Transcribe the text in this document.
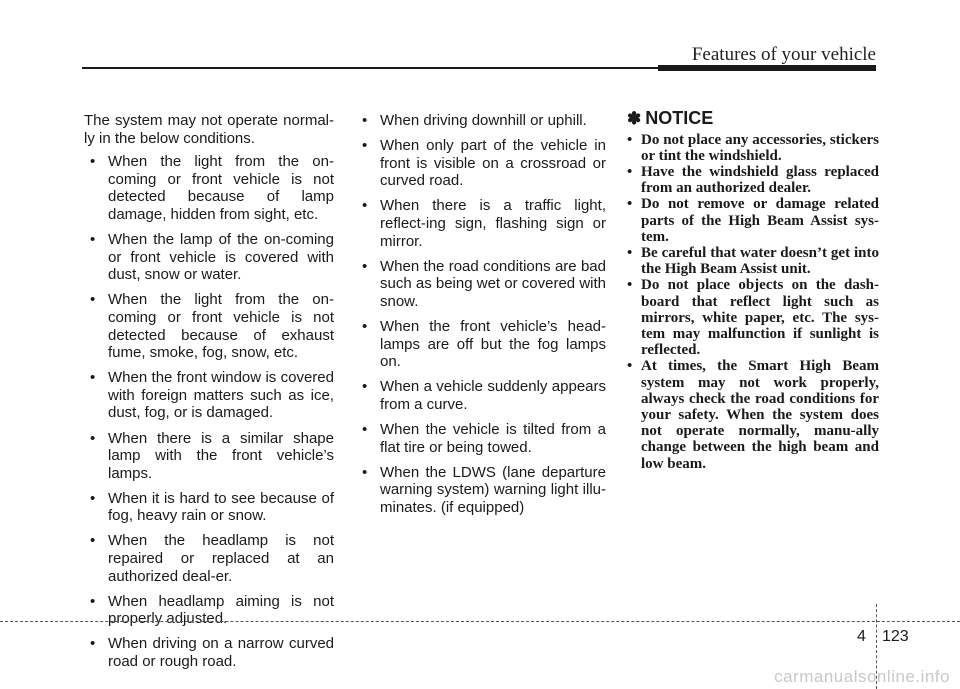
Features of your vehicle

The system may not operate normal-ly in the below conditions.

• When the light from the on-coming or front vehicle is not detected because of lamp damage, hidden from sight, etc.
• When the lamp of the on-coming or front vehicle is covered with dust, snow or water.
• When the light from the on-coming or front vehicle is not detected because of exhaust fume, smoke, fog, snow, etc.
• When the front window is covered with foreign matters such as ice, dust, fog, or is damaged.
• When there is a similar shape lamp with the front vehicle’s lamps.
• When it is hard to see because of fog, heavy rain or snow.
• When the headlamp is not repaired or replaced at an authorized deal-er.
• When headlamp aiming is not properly adjusted.
• When driving on a narrow curved road or rough road.
• When driving downhill or uphill.
• When only part of the vehicle in front is visible on a crossroad or curved road.
• When there is a traffic light, reflect-ing sign, flashing sign or mirror.
• When the road conditions are bad such as being wet or covered with snow.
• When the front vehicle’s head-lamps are off but the fog lamps on.
• When a vehicle suddenly appears from a curve.
• When the vehicle is tilted from a flat tire or being towed.
• When the LDWS (lane departure warning system) warning light illu-minates. (if equipped)
✽ NOTICE
• Do not place any accessories, stickers or tint the windshield.
• Have the windshield glass replaced from an authorized dealer.
• Do not remove or damage related parts of the High Beam Assist sys-tem.
• Be careful that water doesn’t get into the High Beam Assist unit.
• Do not place objects on the dash-board that reflect light such as mirrors, white paper, etc. The sys-tem may malfunction if sunlight is reflected.
• At times, the Smart High Beam system may not work properly, always check the road conditions for your safety. When the system does not operate normally, manu-ally change between the high beam and low beam.
4 123
carmanualsonline.info
